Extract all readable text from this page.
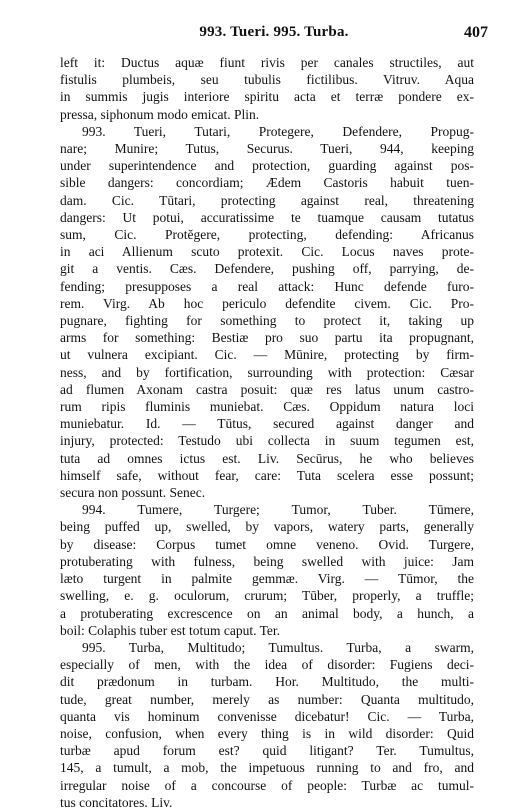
993. Tueri. 995. Turba.	407

left it: Ductus aquæ fiunt rivis per canales structiles, aut
fistulis plumbeis, seu tubulis fictilibus. Vitruv. Aqua
in summis jugis interiore spiritu acta et terræ pondere ex-
pressa, siphonum modo emicat. Plin.

993. Tueri, Tutari, Protegere, Defendere, Propug-
nare; Munire; Tutus, Securus. Tueri, 944, keeping
under superintendence and protection, guarding against pos-
sible dangers: concordiam; Ædem Castoris habuit tuen-
dam. Cic. Tūtari, protecting against real, threatening
dangers: Ut potui, accuratissime te tuamque causam tutatus
sum, Cic. Protĕgere, protecting, defending: Africanus
in aci Allienum scuto protexit. Cic. Locus naves prote-
git a ventis. Cæs. Defendere, pushing off, parrying, de-
fending; presupposes a real attack: Hunc defende furo-
rem. Virg. Ab hoc periculo defendite civem. Cic. Pro-
pugnare, fighting for something to protect it, taking up
arms for something: Bestiæ pro suo partu ita propugnant,
ut vulnera excipiant. Cic. — Mūnire, protecting by firm-
ness, and by fortification, surrounding with protection: Cæsar
ad flumen Axonam castra posuit: quæ res latus unum castro-
rum ripis fluminis muniebat. Cæs. Oppidum natura loci
muniebatur. Id. — Tūtus, secured against danger and
injury, protected: Testudo ubi collecta in suum tegumen est,
tuta ad omnes ictus est. Liv. Secūrus, he who believes
himself safe, without fear, care: Tuta scelera esse possunt;
secura non possunt. Senec.

994. Tumere, Turgere; Tumor, Tuber. Tūmere,
being puffed up, swelled, by vapors, watery parts, generally
by disease: Corpus tumet omne veneno. Ovid. Turgere,
protuberating with fulness, being swelled with juice: Jam
læto turgent in palmite gemmæ. Virg. — Tūmor, the
swelling, e. g. oculorum, crurum; Tūber, properly, a truffle;
a protuberating excrescence on an animal body, a hunch, a
boil: Colaphis tuber est totum caput. Ter.

995. Turba, Multitudo; Tumultus. Turba, a swarm,
especially of men, with the idea of disorder: Fugiens deci-
dit prædonum in turbam. Hor. Multitudo, the multi-
tude, great number, merely as number: Quanta multitudo,
quanta vis hominum convenisse dicebatur! Cic. — Turba,
noise, confusion, when every thing is in wild disorder: Quid
turbæ apud forum est? quid litigant? Ter. Tumultus,
145, a tumult, a mob, the impetuous running to and fro, and
irregular noise of a concourse of people: Turbæ ac tumul-
tus concitatores. Liv.
